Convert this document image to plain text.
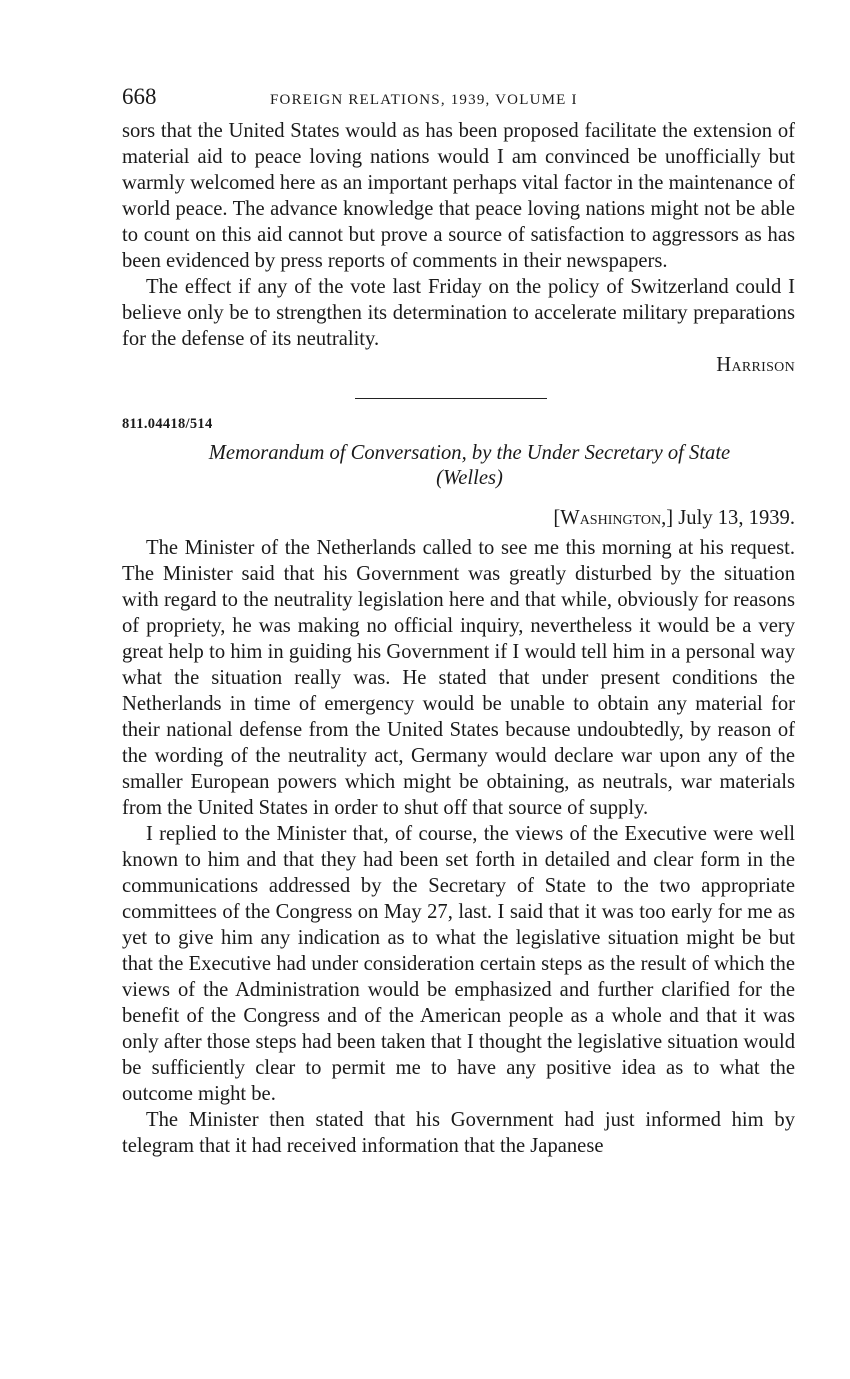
668	FOREIGN RELATIONS, 1939, VOLUME I

sors that the United States would as has been proposed facilitate the extension of material aid to peace loving nations would I am convinced be unofficially but warmly welcomed here as an important perhaps vital factor in the maintenance of world peace. The advance knowledge that peace loving nations might not be able to count on this aid cannot but prove a source of satisfaction to aggressors as has been evidenced by press reports of comments in their newspapers.

The effect if any of the vote last Friday on the policy of Switzerland could I believe only be to strengthen its determination to accelerate military preparations for the defense of its neutrality.

Harrison

811.04418/514
Memorandum of Conversation, by the Under Secretary of State
(Welles)
[Washington,] July 13, 1939.

The Minister of the Netherlands called to see me this morning at his request. The Minister said that his Government was greatly disturbed by the situation with regard to the neutrality legislation here and that while, obviously for reasons of propriety, he was making no official inquiry, nevertheless it would be a very great help to him in guiding his Government if I would tell him in a personal way what the situation really was. He stated that under present conditions the Netherlands in time of emergency would be unable to obtain any material for their national defense from the United States because undoubtedly, by reason of the wording of the neutrality act, Germany would declare war upon any of the smaller European powers which might be obtaining, as neutrals, war materials from the United States in order to shut off that source of supply.

I replied to the Minister that, of course, the views of the Executive were well known to him and that they had been set forth in detailed and clear form in the communications addressed by the Secretary of State to the two appropriate committees of the Congress on May 27, last. I said that it was too early for me as yet to give him any indication as to what the legislative situation might be but that the Executive had under consideration certain steps as the result of which the views of the Administration would be emphasized and further clarified for the benefit of the Congress and of the American people as a whole and that it was only after those steps had been taken that I thought the legislative situation would be sufficiently clear to permit me to have any positive idea as to what the outcome might be.

The Minister then stated that his Government had just informed him by telegram that it had received information that the Japanese
